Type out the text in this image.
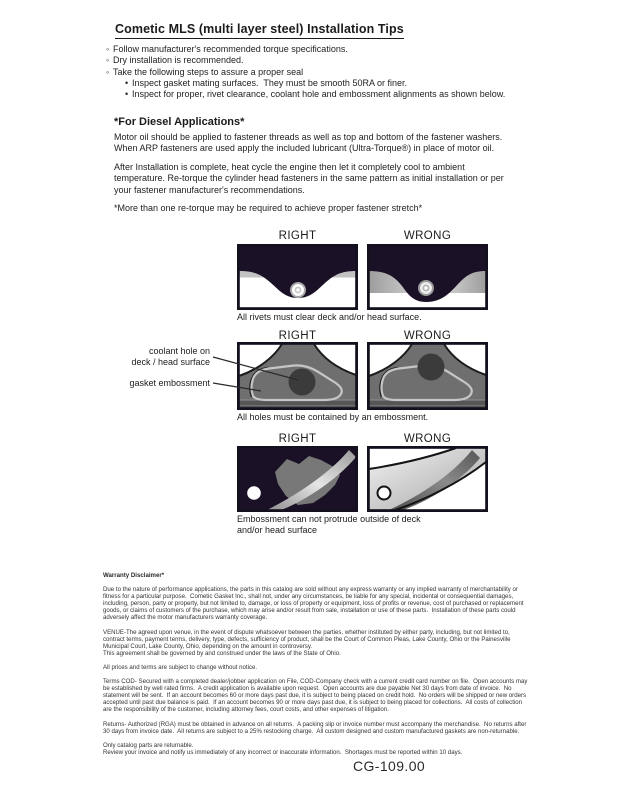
Cometic MLS (multi layer steel) Installation Tips
◦ Follow manufacturer's recommended torque specifications.
◦ Dry installation is recommended.
◦ Take the following steps to assure a proper seal
• Inspect gasket mating surfaces.  They must be smooth 50RA or finer.
• Inspect for proper, rivet clearance, coolant hole and embossment alignments as shown below.
*For Diesel Applications*
Motor oil should be applied to fastener threads as well as top and bottom of the fastener washers. When ARP fasteners are used apply the included lubricant (Ultra-Torque®) in place of motor oil.
After Installation is complete, heat cycle the engine then let it completely cool to ambient temperature. Re-torque the cylinder head fasteners in the same pattern as initial installation or per your fastener manufacturer's recommendations.
*More than one re-torque may be required to achieve proper fastener stretch*
RIGHT	WRONG
All rivets must clear deck and/or head surface.
RIGHT	WRONG
coolant hole on
deck / head surface
gasket embossment
All holes must be contained by an embossment.
RIGHT	WRONG
Embossment can not protrude outside of deck
and/or head surface
Warranty Disclaimer*

Due to the nature of performance applications, the parts in this catalog are sold without any express warranty or any implied warranty of merchantability or fitness for a particular purpose.  Cometic Gasket Inc., shall not, under any circumstances, be liable for any special, incidental or consequential damages, including, person, party or property, but not limited to, damage, or loss of property or equipment, loss of profits or revenue, cost of purchased or replacement goods, or claims of customers of the purchase, which may arise and/or result from sale, installation or use of these parts.  Installation of these parts could adversely affect the motor manufacturers warranty coverage.

VENUE-The agreed upon venue, in the event of dispute whatsoever between the parties, whether instituted by either party, including, but not limited to, contract terms, payment terms, delivery, type, defects, sufficiency of product, shall be the Court of Common Pleas, Lake County, Ohio or the Painesville Municipal Court, Lake County, Ohio, depending on the amount in controversy.

This agreement shall be governed by and construed under the laws of the State of Ohio.

All prices and terms are subject to change without notice.

Terms COD- Secured with a completed dealer/jobber application on File, COD-Company check with a current credit card number on file.  Open accounts may be established by well rated firms.  A credit application is available upon request.  Open accounts are due payable Net 30 days from date of invoice.  No statement will be sent.  If an account becomes 60 or more days past due, it is subject to being placed on credit hold.  No orders will be shipped or new orders accepted until past due balance is paid.  If an account becomes 90 or more days past due, it is subject to being placed for collections.  All costs of collection are the responsibility of the customer, including attorney fees, court costs, and other expenses of litigation.

Returns- Authorized (RGA) must be obtained in advance on all returns.  A packing slip or invoice number must accompany the merchandise.  No returns after 30 days from invoice date.  All returns are subject to a 25% restocking charge.  All custom designed and custom manufactured gaskets are non-returnable.

Only catalog parts are returnable.

Review your invoice and notify us immediately of any incorrect or inaccurate information.  Shortages must be reported within 10 days.

CG-109.00
